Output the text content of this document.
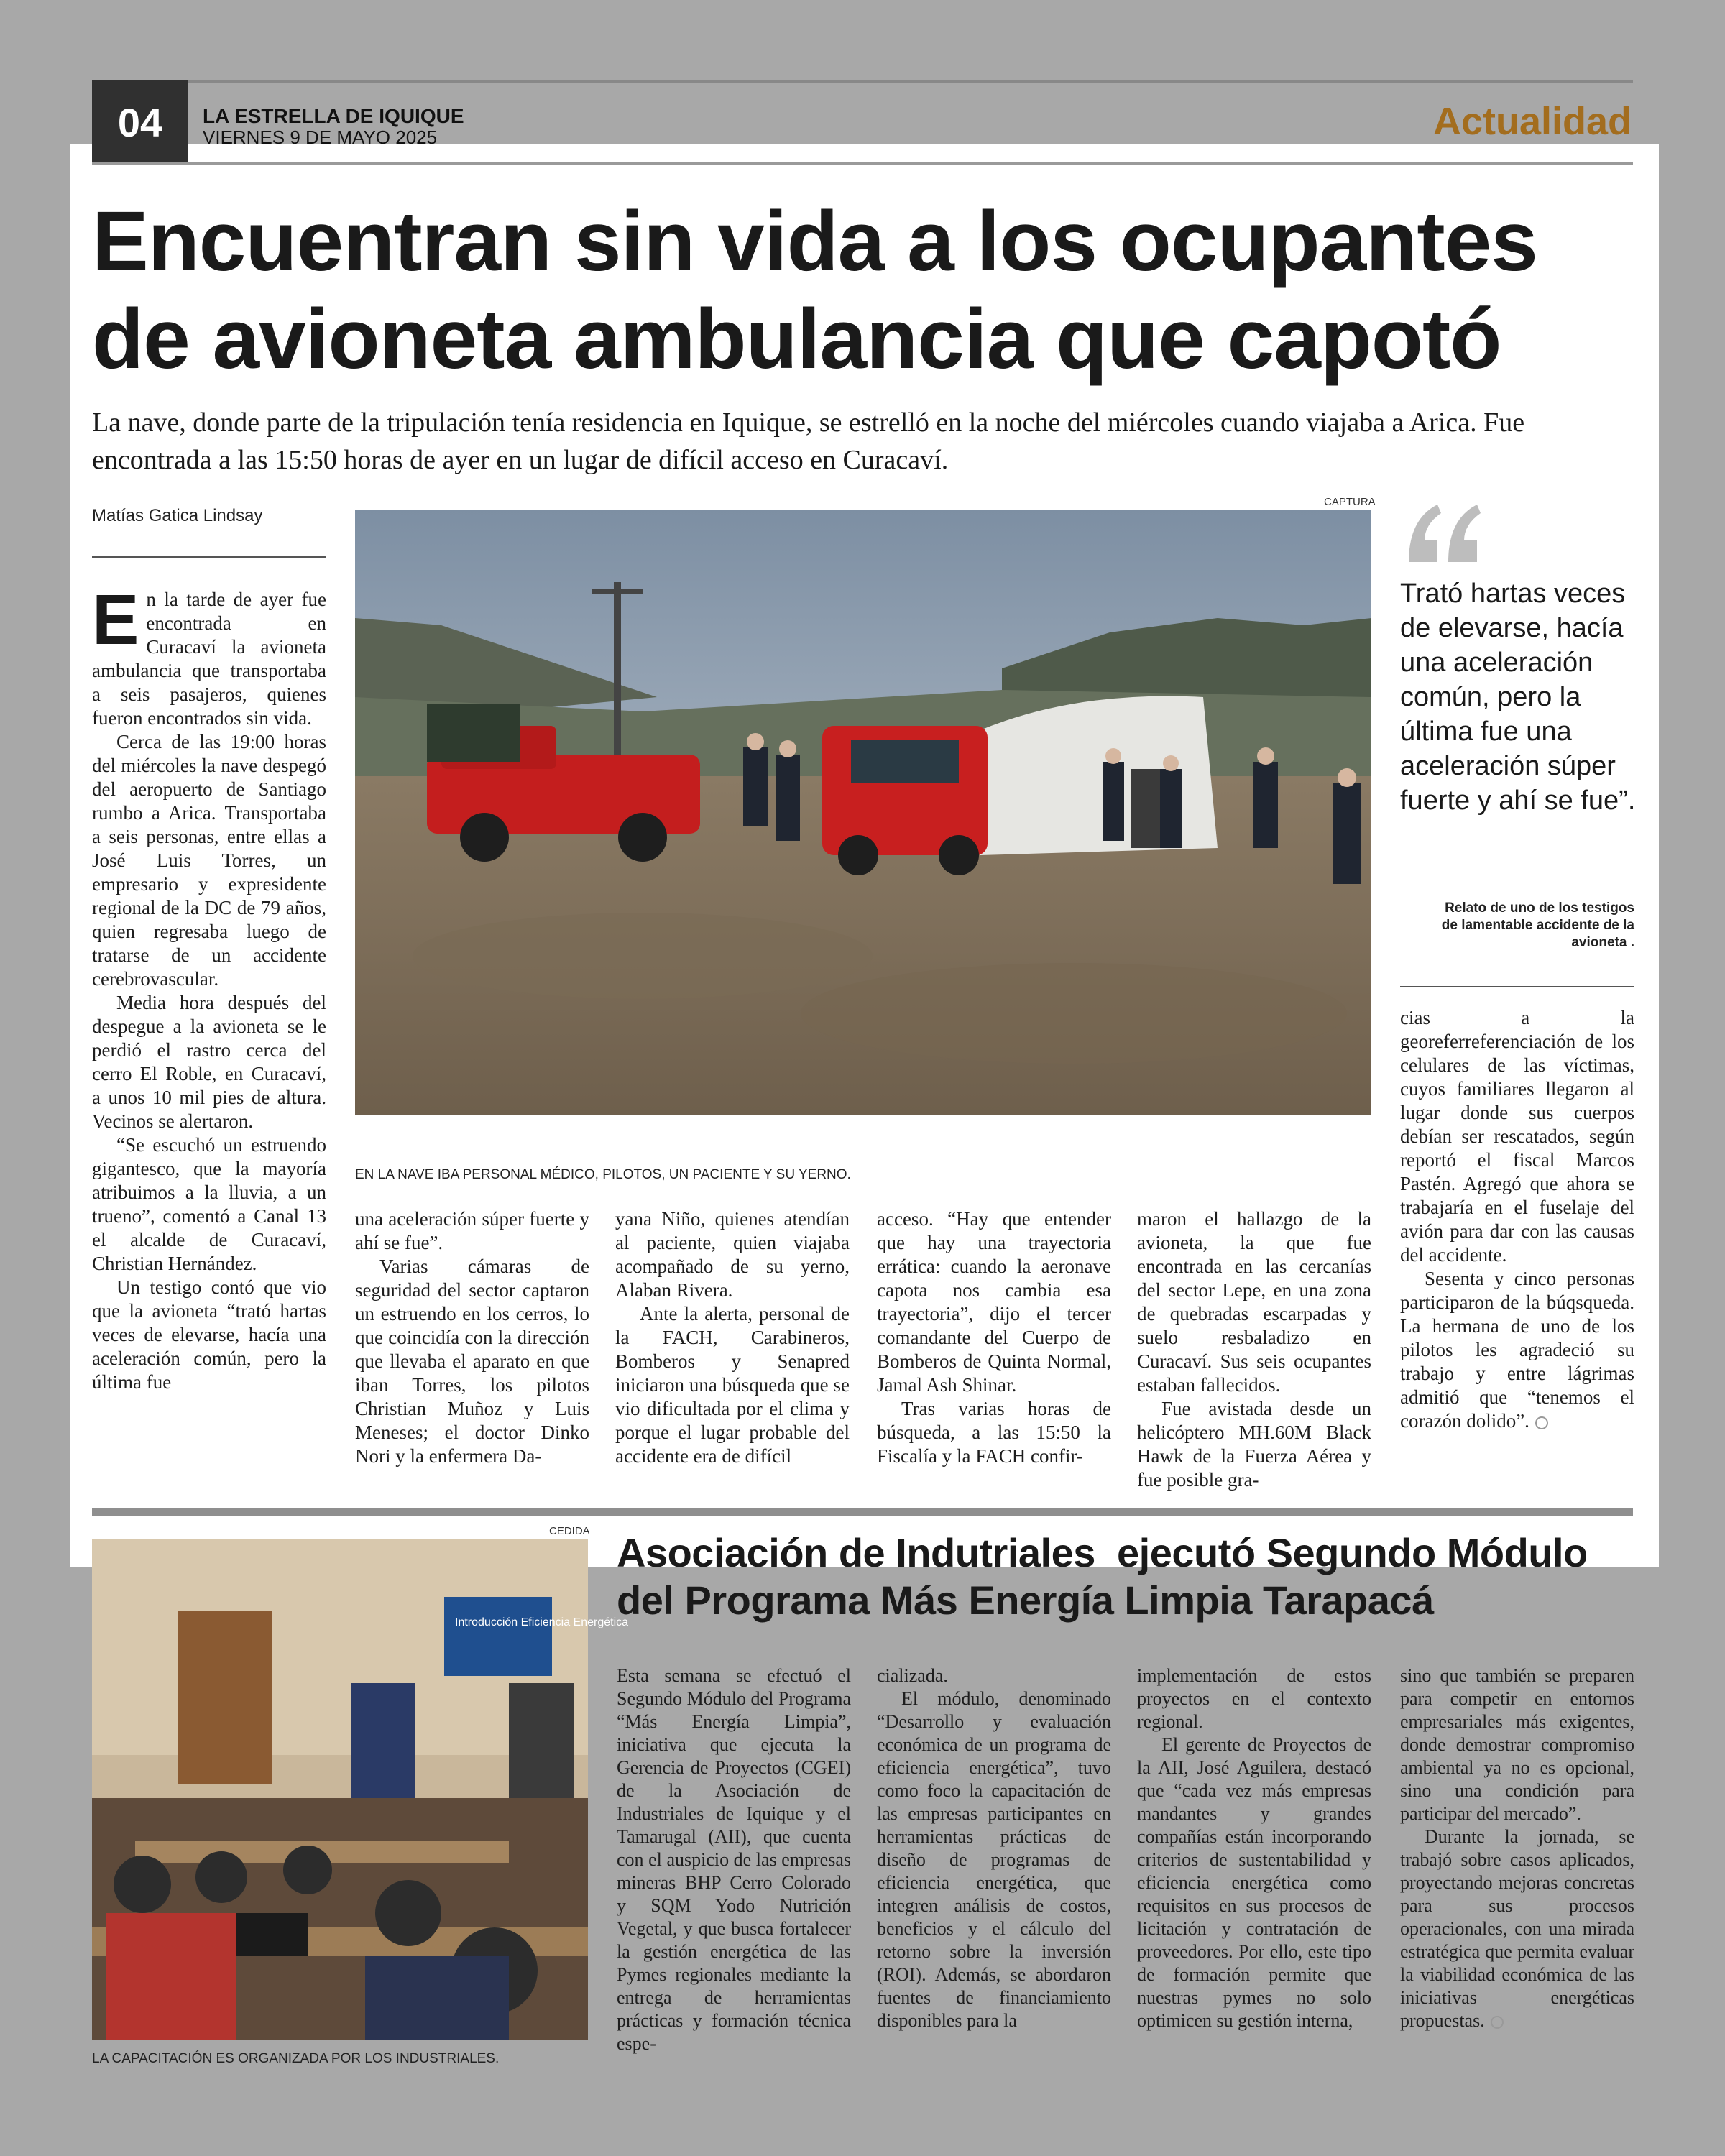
04	LA ESTRELLA DE IQUIQUE
VIERNES 9 DE MAYO 2025	Actualidad
Encuentran sin vida a los ocupantes
de avioneta ambulancia que capotó
La nave, donde parte de la tripulación tenía residencia en Iquique, se estrelló en la noche del miércoles cuando viajaba a Arica. Fue encontrada a las 15:50 horas de ayer en un lugar de difícil acceso en Curacaví.
Matías Gatica Lindsay
CAPTURA
EN LA NAVE IBA PERSONAL MÉDICO, PILOTOS, UN PACIENTE Y SU YERNO.

En la tarde de ayer fue encontrada en Curacaví la avioneta ambulancia que transportaba a seis pasajeros, quienes fueron encontrados sin vida.

Cerca de las 19:00 horas del miércoles la nave despegó del aeropuerto de Santiago rumbo a Arica. Transportaba a seis personas, entre ellas a José Luis Torres, un empresario y expresidente regional de la DC de 79 años, quien regresaba luego de tratarse de un accidente cerebrovascular.

Media hora después del despegue a la avioneta se le perdió el rastro cerca del cerro El Roble, en Curacaví, a unos 10 mil pies de altura. Vecinos se alertaron.

“Se escuchó un estruendo gigantesco, que la mayoría atribuimos a la lluvia, a un trueno”, comentó a Canal 13 el alcalde de Curacaví, Christian Hernández.

Un testigo contó que vio que la avioneta “trató hartas veces de elevarse, hacía una aceleración común, pero la última fue

una aceleración súper fuerte y ahí se fue”.

Varias cámaras de seguridad del sector captaron un estruendo en los cerros, lo que coincidía con la dirección que llevaba el aparato en que iban Torres, los pilotos Christian Muñoz y Luis Meneses; el doctor Dinko Nori y la enfermera Da-

yana Niño, quienes atendían al paciente, quien viajaba acompañado de su yerno, Alaban Rivera.

Ante la alerta, personal de la FACH, Carabineros, Bomberos y Senapred iniciaron una búsqueda que se vio dificultada por el clima y porque el lugar probable del accidente era de difícil

acceso. “Hay que entender que hay una trayectoria errática: cuando la aeronave capota nos cambia esa trayectoria”, dijo el tercer comandante del Cuerpo de Bomberos de Quinta Normal, Jamal Ash Shinar.

Tras varias horas de búsqueda, a las 15:50 la Fiscalía y la FACH confir-

maron el hallazgo de la avioneta, la que fue encontrada en las cercanías del sector Lepe, en una zona de quebradas escarpadas y suelo resbaladizo en Curacaví. Sus seis ocupantes estaban fallecidos.

Fue avistada desde un helicóptero MH.60M Black Hawk de la Fuerza Aérea y fue posible gra-

Trató hartas veces de elevarse, hacía una aceleración común, pero la última fue una aceleración súper fuerte y ahí se fue”.
Relato de uno de los testigos de lamentable accidente de la avioneta .

cias a la georeferreferenciación de los celulares de las víctimas, cuyos familiares llegaron al lugar donde sus cuerpos debían ser rescatados, según reportó el fiscal Marcos Pastén. Agregó que ahora se trabajaría en el fuselaje del avión para dar con las causas del accidente.

Sesenta y cinco personas participaron de la búqsqueda. La hermana de uno de los pilotos les agradeció su trabajo y entre lágrimas admitió que “tenemos el corazón dolido”.

CEDIDA
Introducción Eficiencia Energética
LA CAPACITACIÓN ES ORGANIZADA POR LOS INDUSTRIALES.
Asociación de Indutriales  ejecutó Segundo Módulo
del Programa Más Energía Limpia Tarapacá

Esta semana se efectuó el Segundo Módulo del Programa “Más Energía Limpia”, iniciativa que ejecuta la Gerencia de Proyectos (CGEI) de la Asociación de Industriales de Iquique y el Tamarugal (AII), que cuenta con el auspicio de las empresas mineras BHP Cerro Colorado y SQM Yodo Nutrición Vegetal, y que busca fortalecer la gestión energética de las Pymes regionales mediante la entrega de herramientas prácticas y formación técnica espe-

cializada.

El módulo, denominado “Desarrollo y evaluación económica de un programa de eficiencia energética”, tuvo como foco la capacitación de las empresas participantes en herramientas prácticas de diseño de programas de eficiencia energética, que integren análisis de costos, beneficios y el cálculo del retorno sobre la inversión (ROI). Además, se abordaron fuentes de financiamiento disponibles para la

implementación de estos proyectos en el contexto regional.

El gerente de Proyectos de la AII, José Aguilera, destacó que “cada vez más empresas mandantes y grandes compañías están incorporando criterios de sustentabilidad y eficiencia energética como requisitos en sus procesos de licitación y contratación de proveedores. Por ello, este tipo de formación permite que nuestras pymes no solo optimicen su gestión interna,

sino que también se preparen para competir en entornos empresariales más exigentes, donde demostrar compromiso ambiental ya no es opcional, sino una condición para participar del mercado”.

Durante la jornada, se trabajó sobre casos aplicados, proyectando mejoras concretas para sus procesos operacionales, con una mirada estratégica que permita evaluar la viabilidad económica de las iniciativas energéticas propuestas.
